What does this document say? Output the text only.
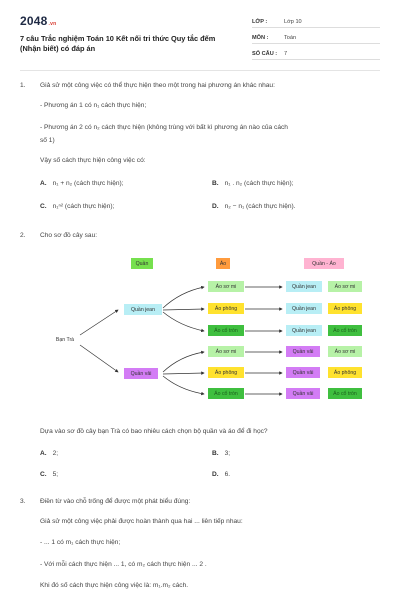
2048.vn
7 câu Trắc nghiệm Toán 10 Kết nối tri thức Quy tắc đếm (Nhận biết) có đáp án
LỚP :	Lớp 10
MÔN :	Toán
SỐ CÂU :	7
1. Giả sử một công việc có thể thực hiện theo một trong hai phương án khác nhau:
- Phương án 1 có n₁ cách thực hiện;
- Phương án 2 có n₂ cách thực hiện (không trùng với bất kì phương án nào của cách
số 1)
Vậy số cách thực hiện công việc có:
A. n₁ + n₂ (cách thực hiện);	B. n₁ . n₂ (cách thực hiện);
C. n₁ⁿ² (cách thực hiện);	D. n₂ − n₁ (cách thực hiện).
2. Cho sơ đồ cây sau:
Quần	Áo	Quần - Áo
Bạn Trà
Quần jean
Quần vải
Áo sơ mi
Áo phông
Áo cổ tròn
Áo sơ mi
Áo phông
Áo cổ tròn
Quần jean	Áo sơ mi
Quần jean	Áo phông
Quần jean	Áo cổ tròn
Quần vải	Áo sơ mi
Quần vải	Áo phông
Quần vải	Áo cổ tròn
Dựa vào sơ đồ cây bạn Trà có bao nhiêu cách chọn bộ quần và áo để đi học?
A. 2;	B. 3;
C. 5;	D. 6.
3. Điền từ vào chỗ trống để được một phát biểu đúng:
Giả sử một công việc phải được hoàn thành qua hai ... liên tiếp nhau:
- ... 1 có m₁ cách thực hiện;
- Với mỗi cách thực hiện ... 1, có m₂ cách thực hiện ... 2 .
Khi đó số cách thực hiện công việc là: m₁.m₂ cách.
